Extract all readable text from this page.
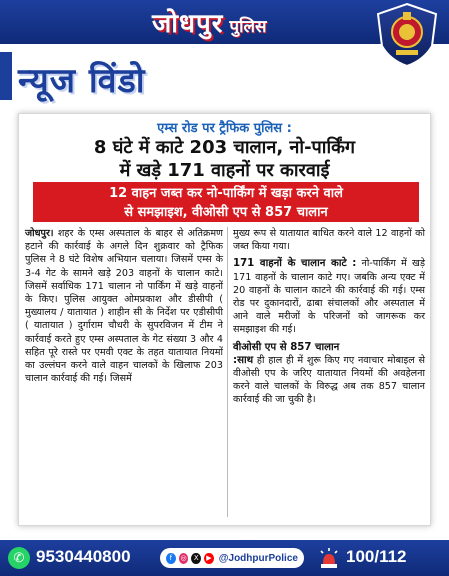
जोधपुर पुलिस
न्यूज विंडो
एम्स रोड पर ट्रैफिक पुलिस :
8 घंटे में काटे 203 चालान, नो-पार्किंग
में खड़े 171 वाहनों पर कारवाई
12 वाहन जब्त कर नो-पार्किंग में खड़ा करने वाले
से समझाइश, वीओसी एप से 857 चालान

जोधपुर। शहर के एम्स अस्पताल के बाहर से अतिक्रमण हटाने की कार्रवाई के अगले दिन शुक्रवार को ट्रैफिक पुलिस ने 8 घंटे विशेष अभियान चलाया। जिसमें एम्स के 3-4 गेट के सामने खड़े 203 वाहनों के चालान काटे। जिसमें सर्वाधिक 171 चालान नो पार्किंग में खड़े वाहनों के किए। पुलिस आयुक्त ओमप्रकाश और डीसीपी ( मुख्यालय / यातायात ) शाहीन सी के निर्देश पर एडीसीपी ( यातायात ) दुर्गाराम चौधरी के सुपरविजन में टीम ने कार्रवाई करते हुए एम्स अस्पताल के गेट संख्या 3 और 4 सहित पूरे रास्ते पर एमवी एक्ट के तहत यातायात नियमों का उल्लंघन करने वाले वाहन चालकों के खिलाफ 203 चालान कार्रवाई की गई। जिसमें

मुख्य रूप से यातायात बाधित करने वाले 12 वाहनों को जब्त किया गया।

171 वाहनों के चालान काटे : नो-पार्किंग में खड़े 171 वाहनों के चालान काटे गए। जबकि अन्य एक्ट में 20 वाहनों के चालान काटने की कार्रवाई की गई। एम्स रोड पर दुकानदारों, ढाबा संचालकों और अस्पताल में आने वाले मरीजों के परिजनों को जागरूक कर समझाइश की गई।

वीओसी एप से 857 चालान
:साथ ही हाल ही में शुरू किए गए नवाचार मोबाइल से वीओसी एप के जरिए यातायात नियमों की अवहेलना करने वाले चालकों के विरुद्ध अब तक 857 चालान कार्रवाई की जा चुकी है।

✆ 9530440800	f	◎	X	▶ @JodhpurPolice	100/112
